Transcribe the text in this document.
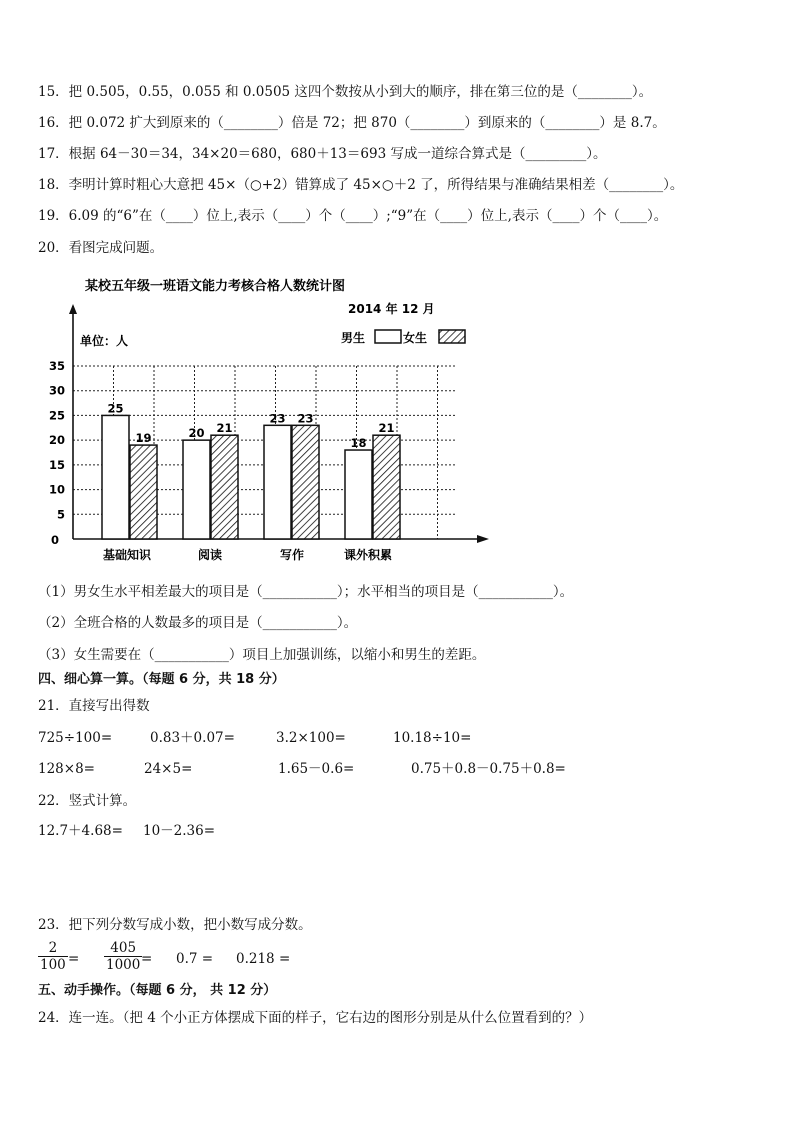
15．把 0.505，0.55，0.055 和 0.0505 这四个数按从小到大的顺序，排在第三位的是（________）。
16．把 0.072 扩大到原来的（________）倍是 72；把 870（________）到原来的（________）是 8.7。
17．根据 64－30＝34，34×20＝680，680＋13＝693 写成一道综合算式是（_________）。
18．李明计算时粗心大意把 45×（○+2）错算成了 45×○＋2 了，所得结果与准确结果相差（________）。
19．6.09 的“6”在（____）位上,表示（____）个（____）;“9”在（____）位上,表示（____）个（____）。
20．看图完成问题。
某校五年级一班语文能力考核合格人数统计图
2014 年 12 月
单位：人	男生	女生
0
5
10
15
20
25
30
35
25
19
基础知识
20 21
阅读
23 23
写作
18
21
课外积累
（1）男女生水平相差最大的项目是（___________）；水平相当的项目是（___________）。
（2）全班合格的人数最多的项目是（___________）。
（3）女生需要在（___________）项目上加强训练，以缩小和男生的差距。
四、细心算一算。（每题 6 分，共 18 分）
21．直接写出得数
725÷100=	0.83＋0.07=	3.2×100=	10.18÷10=
128×8=	24×5=	1.65－0.6=	0.75＋0.8－0.75＋0.8=
22．竖式计算。
12.7＋4.68= 10－2.36=
23．把下列分数写成小数，把小数写成分数。
$\frac{2}{100} = \frac{405}{1000}$
= 0.7 = 0.218 =
五、动手操作。（每题 6 分， 共 12 分）
24．连一连。（把 4 个小正方体摆成下面的样子，它右边的图形分别是从什么位置看到的？）
